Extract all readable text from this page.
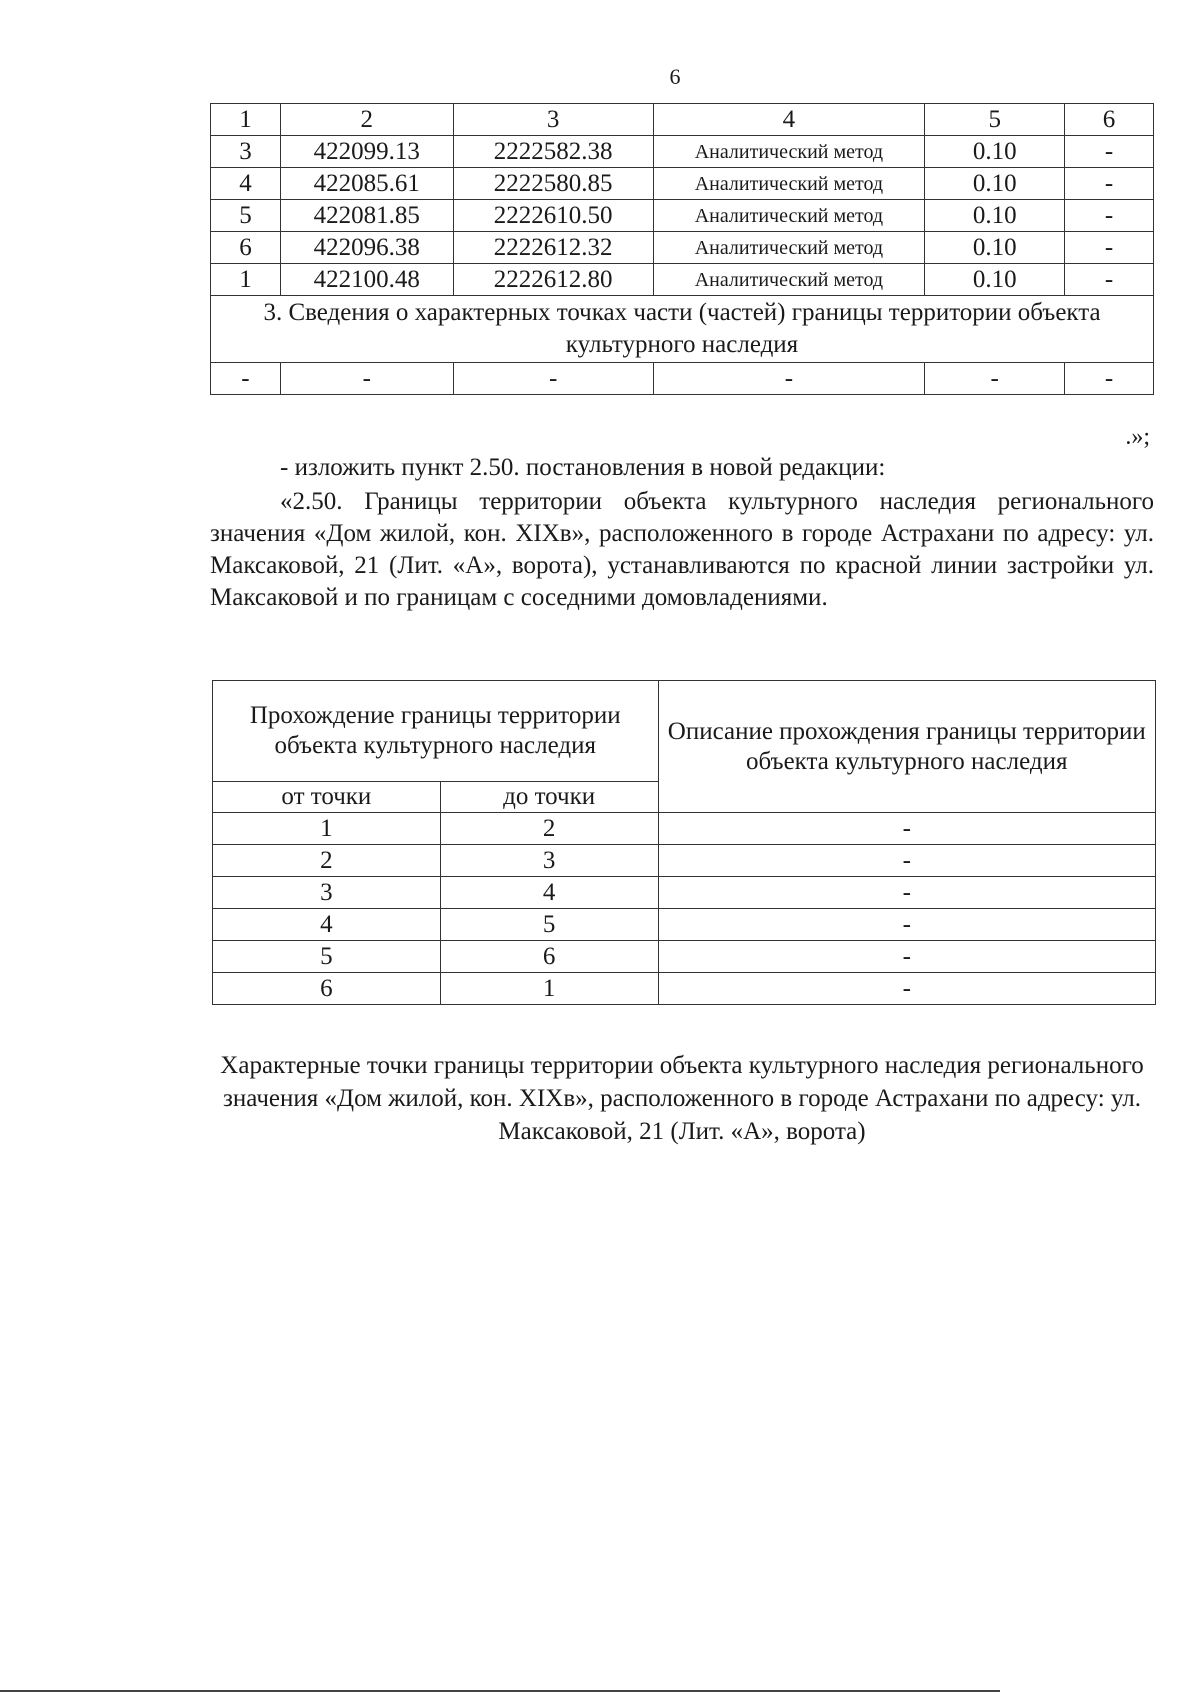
6
1	2	3	4	5	6
3	422099.13	2222582.38	Аналитический метод	0.10	-
4	422085.61	2222580.85	Аналитический метод	0.10	-
5	422081.85	2222610.50	Аналитический метод	0.10	-
6	422096.38	2222612.32	Аналитический метод	0.10	-
1	422100.48	2222612.80	Аналитический метод	0.10	-
3. Сведения о характерных точках части (частей) границы территории объекта культурного наследия					
-	-	-	-	-	-
.»;
- изложить пункт 2.50. постановления в новой редакции:
«2.50. Границы территории объекта культурного наследия регионального значения «Дом жилой, кон. XIXв», расположенного в городе Астрахани по адресу: ул. Максаковой, 21 (Лит. «А», ворота), устанавливаются по красной линии застройки ул. Максаковой и по границам с соседними домовладениями.
Прохождение границы территории объекта культурного наследия		Описание прохождения границы территории объекта культурного наследия
от точки	до точки	
1	2	-
2	3	-
3	4	-
4	5	-
5	6	-
6	1	-
Характерные точки границы территории объекта культурного наследия регионального значения «Дом жилой, кон. XIXв», расположенного в городе Астрахани по адресу: ул. Максаковой, 21 (Лит. «А», ворота)
